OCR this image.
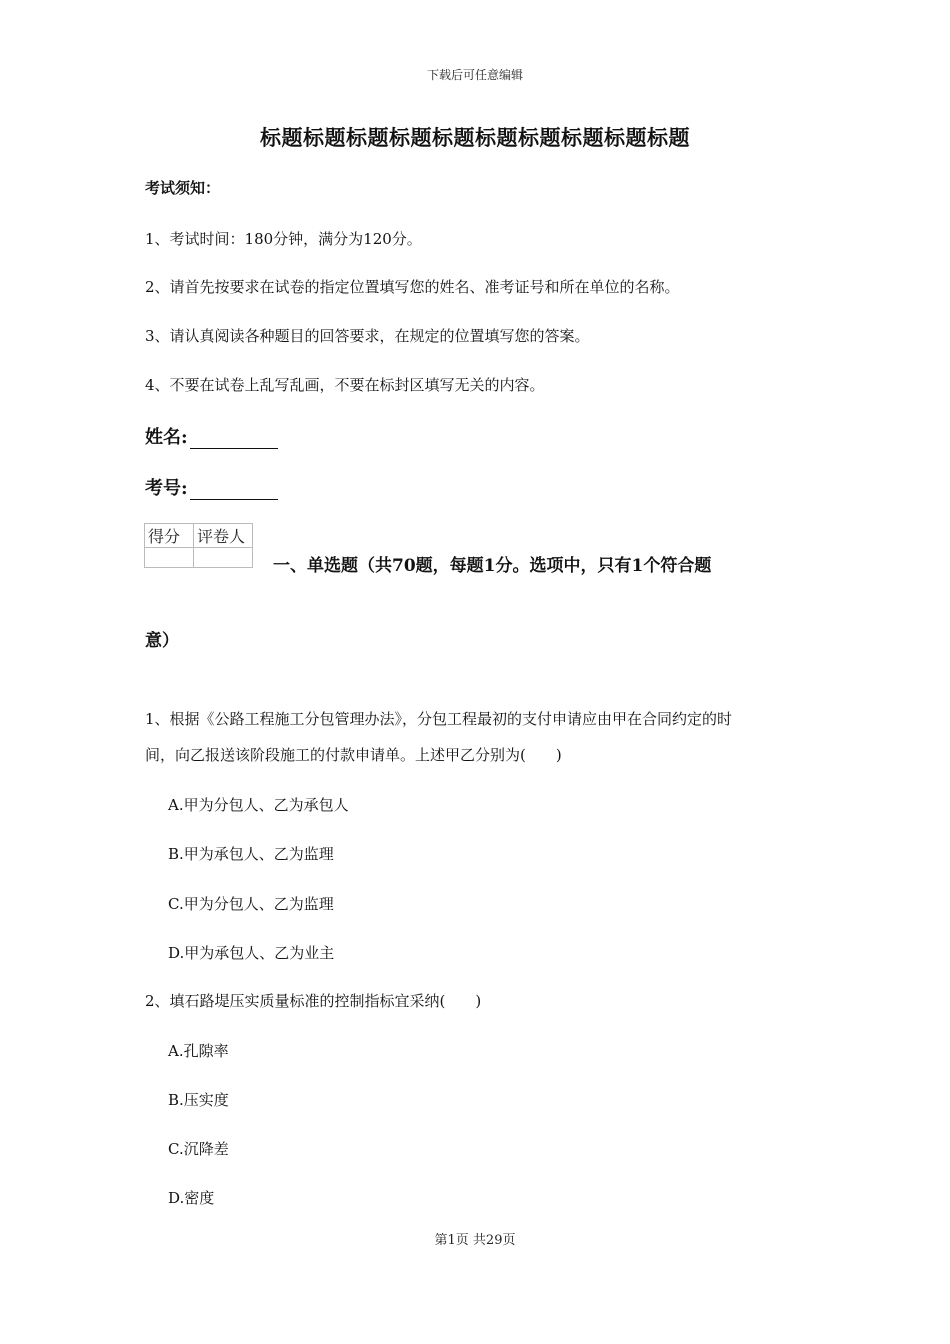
下载后可任意编辑
标题标题标题标题标题标题标题标题标题标题
考试须知：
1、考试时间：180分钟，满分为120分。
2、请首先按要求在试卷的指定位置填写您的姓名、准考证号和所在单位的名称。
3、请认真阅读各种题目的回答要求，在规定的位置填写您的答案。
4、不要在试卷上乱写乱画，不要在标封区填写无关的内容。
姓名:
考号:
得分	评卷人

一、单选题（共70题，每题1分。选项中，只有1个符合题
意）
1、根据《公路工程施工分包管理办法》，分包工程最初的支付申请应由甲在合同约定的时
间，向乙报送该阶段施工的付款申请单。上述甲乙分别为(　　)
A.甲为分包人、乙为承包人
B.甲为承包人、乙为监理
C.甲为分包人、乙为监理
D.甲为承包人、乙为业主
2、填石路堤压实质量标准的控制指标宜采纳(　　)
A.孔隙率
B.压实度
C.沉降差
D.密度
第1页 共29页
